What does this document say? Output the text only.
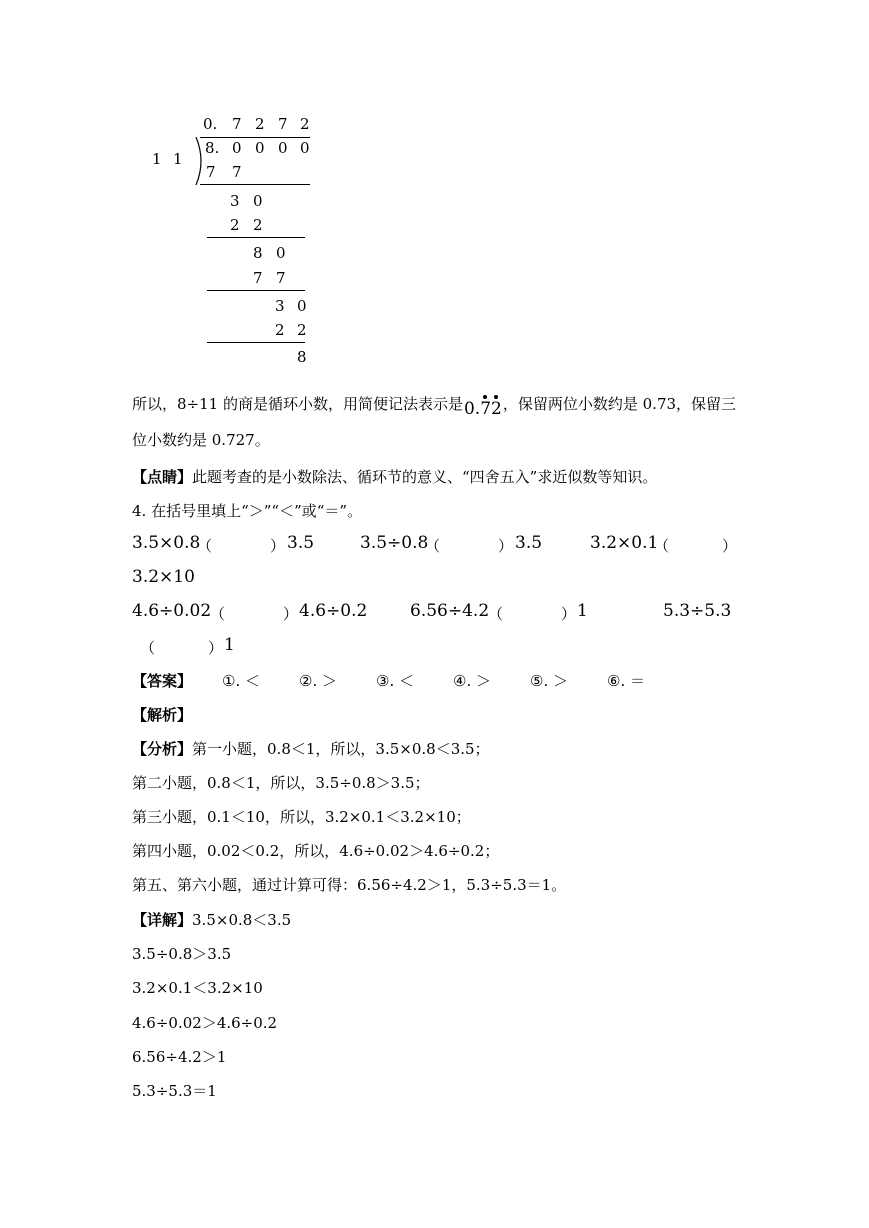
0. 7 2 7 2
1 1
8. 0 0 0 0
7 7
3 0
2 2
8 0
7 7
3 0
2 2
8
所以，8÷11 的商是循环小数，用简便记法表示是0.7
2
，保留两位小数约是 0.73，保留三
位小数约是 0.727。
【点睛】此题考查的是小数除法、循环节的意义、“四舍五入”求近似数等知识。
4. 在括号里填上“＞”“＜”或“＝”。
3.5×0.8
（	） 3.5	3.5÷0.8
（	） 3.5	3.2×0.1
（	）
3.2×10
4.6÷0.02
（	） 4.6÷0.2	6.56÷4.2
（	） 1	5.3÷5.3
（	） 1
【答案】 ①. ＜	②. ＞	③. ＜	④. ＞	⑤. ＞	⑥. ＝
【解析】
【分析】第一小题，0.8＜1，所以，3.5×0.8＜3.5；
第二小题，0.8＜1，所以，3.5÷0.8＞3.5；
第三小题，0.1＜10，所以，3.2×0.1＜3.2×10；
第四小题，0.02＜0.2，所以，4.6÷0.02＞4.6÷0.2；
第五、第六小题，通过计算可得：6.56÷4.2＞1，5.3÷5.3＝1。
【详解】3.5×0.8＜3.5
3.5÷0.8＞3.5
3.2×0.1＜3.2×10
4.6÷0.02＞4.6÷0.2
6.56÷4.2＞1
5.3÷5.3＝1
